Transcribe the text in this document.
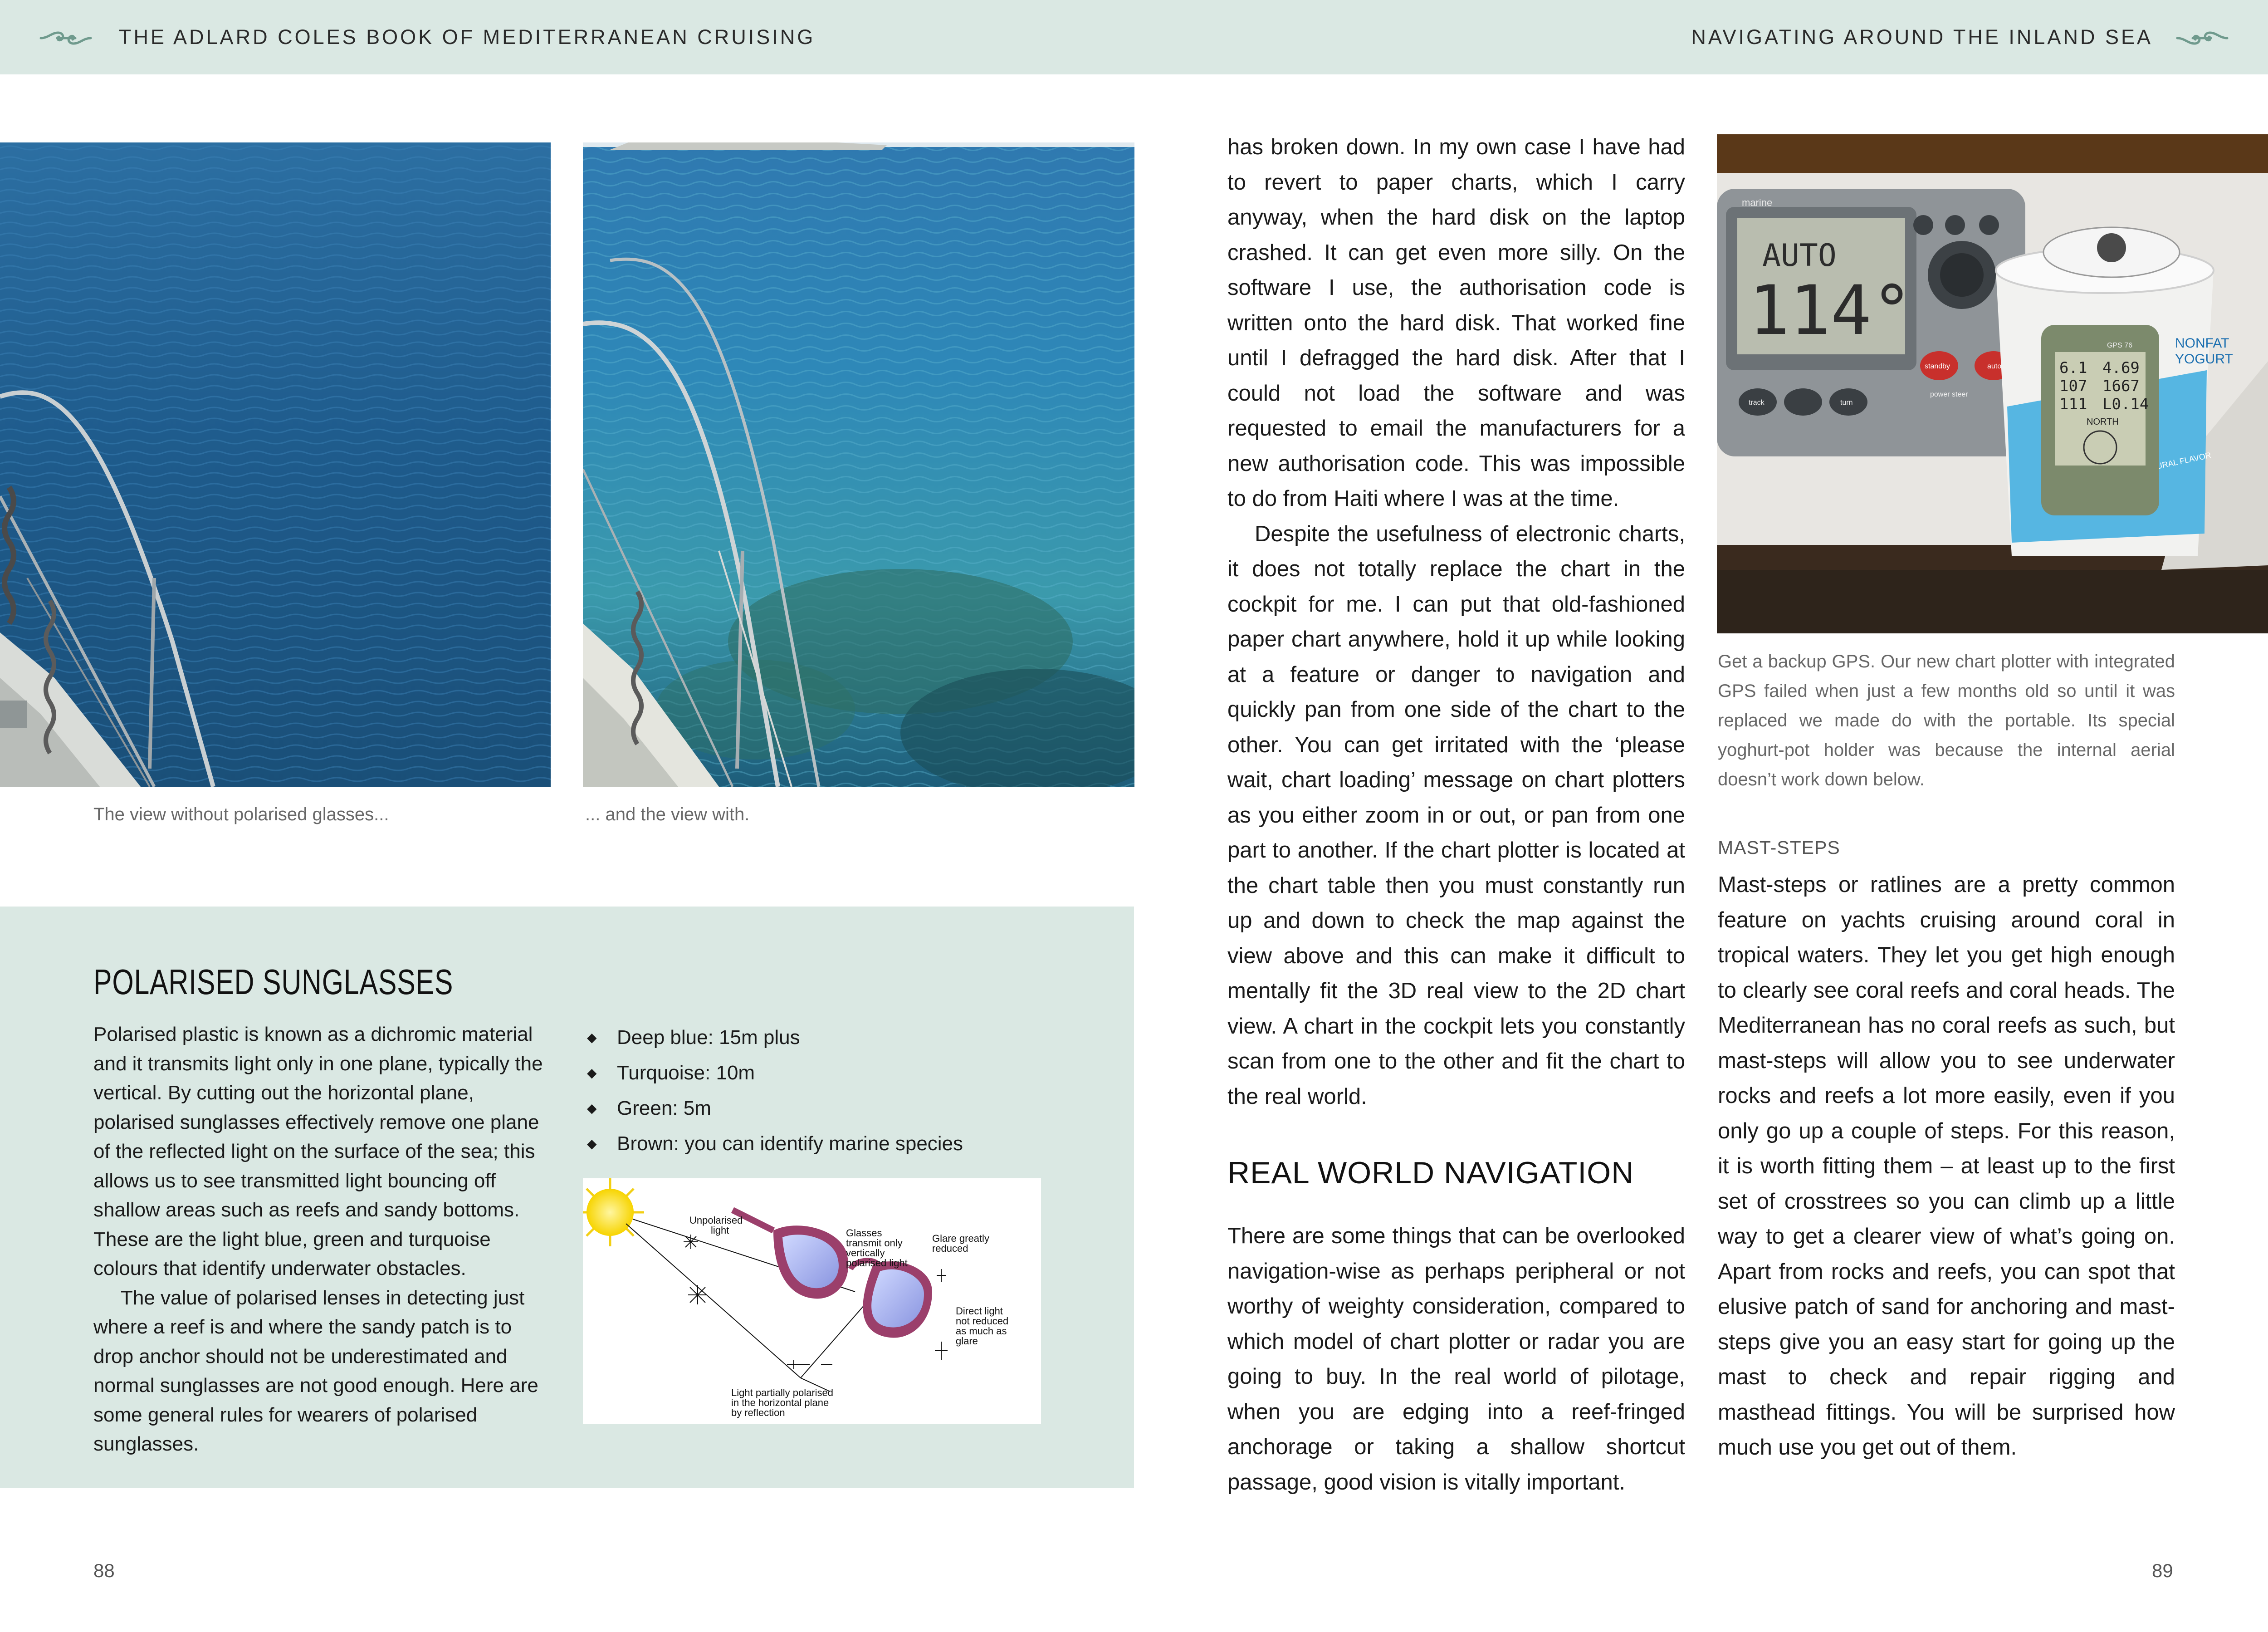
THE ADLARD COLES BOOK OF MEDITERRANEAN CRUISING	NAVIGATING AROUND THE INLAND SEA
The view without polarised glasses...	... and the view with.
POLARISED SUNGLASSES

Polarised plastic is known as a dichromic material and it transmits light only in one plane, typically the vertical. By cutting out the horizontal plane, polarised sunglasses effectively remove one plane of the reflected light on the surface of the sea; this allows us to see transmitted light bouncing off shallow areas such as reefs and sandy bottoms. These are the light blue, green and turquoise colours that identify underwater obstacles.

The value of polarised lenses in detecting just where a reef is and where the sandy patch is to drop anchor should not be underestimated and normal sunglasses are not good enough. Here are some general rules for wearers of polarised sunglasses.

◆ Deep blue: 15m plus
◆ Turquoise: 10m
◆ Green: 5m
◆ Brown: you can identify marine species
Unpolarised light	Glasses transmit only vertically polarised light
Glare greatly reduced
Direct light not reduced as much as glare
Light partially polarised in the horizontal plane by reflection

has broken down. In my own case I have had to revert to paper charts, which I carry anyway, when the hard disk on the laptop crashed. It can get even more silly. On the software I use, the authorisation code is written onto the hard disk. That worked fine until I defragged the hard disk. After that I could not load the software and was requested to email the manufacturers for a new authorisation code. This was impossible to do from Haiti where I was at the time.

Despite the usefulness of electronic charts, it does not totally replace the chart in the cockpit for me. I can put that old-fashioned paper chart anywhere, hold it up while looking at a feature or danger to navigation and quickly pan from one side of the chart to the other. You can get irritated with the ‘please wait, chart loading’ message on chart plotters as you either zoom in or out, or pan from one part to another. If the chart plotter is located at the chart table then you must constantly run up and down to check the map against the view above and this can make it difficult to mentally fit the 3D real view to the 2D chart view. A chart in the cockpit lets you constantly scan from one to the other and fit the chart to the real world.

REAL WORLD NAVIGATION

There are some things that can be overlooked navigation-wise as perhaps peripheral or not worthy of weighty consideration, compared to which model of chart plotter or radar you are going to buy. In the real world of pilotage, when you are edging into a reef-fringed anchorage or taking a shallow shortcut passage, good vision is vitally important.

marine
AUTO
114°
standby	auto
power steer
track	turn
NATURAL FLAVOR
NONFAT
YOGURT
GPS 76
6.1 4.69
107 1667
111 L0.14
NORTH
Get a backup GPS. Our new chart plotter with integrated GPS failed when just a few months old so until it was replaced we made do with the portable. Its special yoghurt-pot holder was because the internal aerial doesn’t work down below.
MAST-STEPS

Mast-steps or ratlines are a pretty common feature on yachts cruising around coral in tropical waters. They let you get high enough to clearly see coral reefs and coral heads. The Mediterranean has no coral reefs as such, but mast-steps will allow you to see underwater rocks and reefs a lot more easily, even if you only go up a couple of steps. For this reason, it is worth fitting them – at least up to the first set of crosstrees so you can climb up a little way to get a clearer view of what’s going on. Apart from rocks and reefs, you can spot that elusive patch of sand for anchoring and mast-steps give you an easy start for going up the mast to check and repair rigging and masthead fittings. You will be surprised how much use you get out of them.

88	89
